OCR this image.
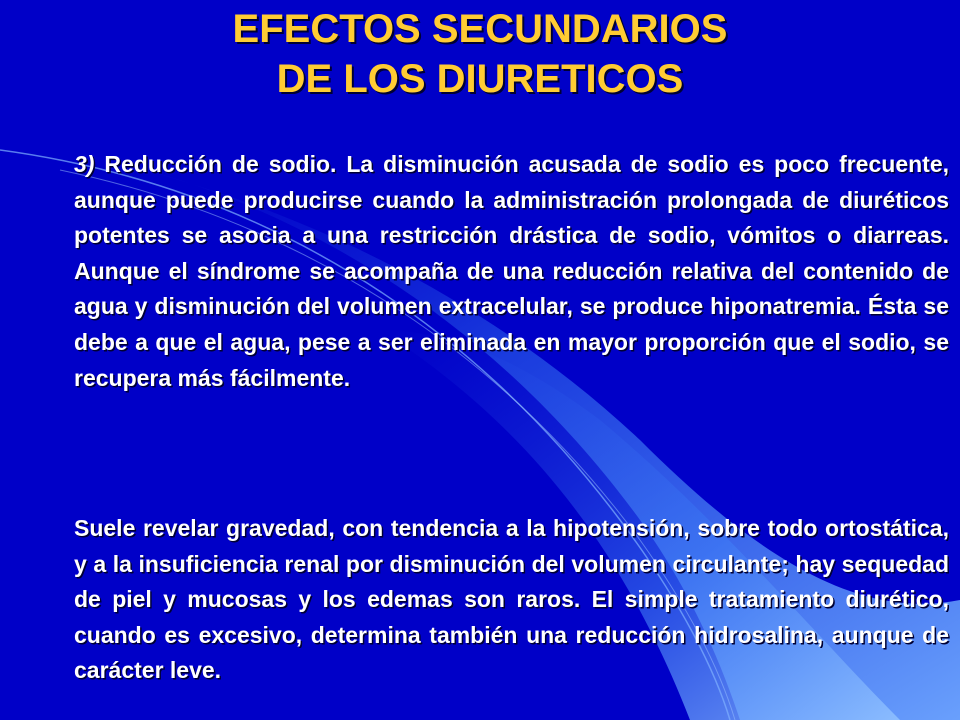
EFECTOS SECUNDARIOS
DE LOS DIURETICOS

3) Reducción de sodio. La disminución acusada de sodio es poco frecuente, aunque puede producirse cuando la administración prolongada de diuréticos potentes se asocia a una restricción drástica de sodio, vómitos o diarreas. Aunque el síndrome se acompaña de una reducción relativa del contenido de agua y disminución del volumen extracelular, se produce hiponatremia. Ésta se debe a que el agua, pese a ser eliminada en mayor proporción que el sodio, se recupera más fácilmente.

Suele revelar gravedad, con tendencia a la hipotensión, sobre todo ortostática, y a la insuficiencia renal por disminución del volumen circulante; hay sequedad de piel y mucosas y los edemas son raros. El simple tratamiento diurético, cuando es excesivo, determina también una reducción hidrosalina, aunque de carácter leve.
